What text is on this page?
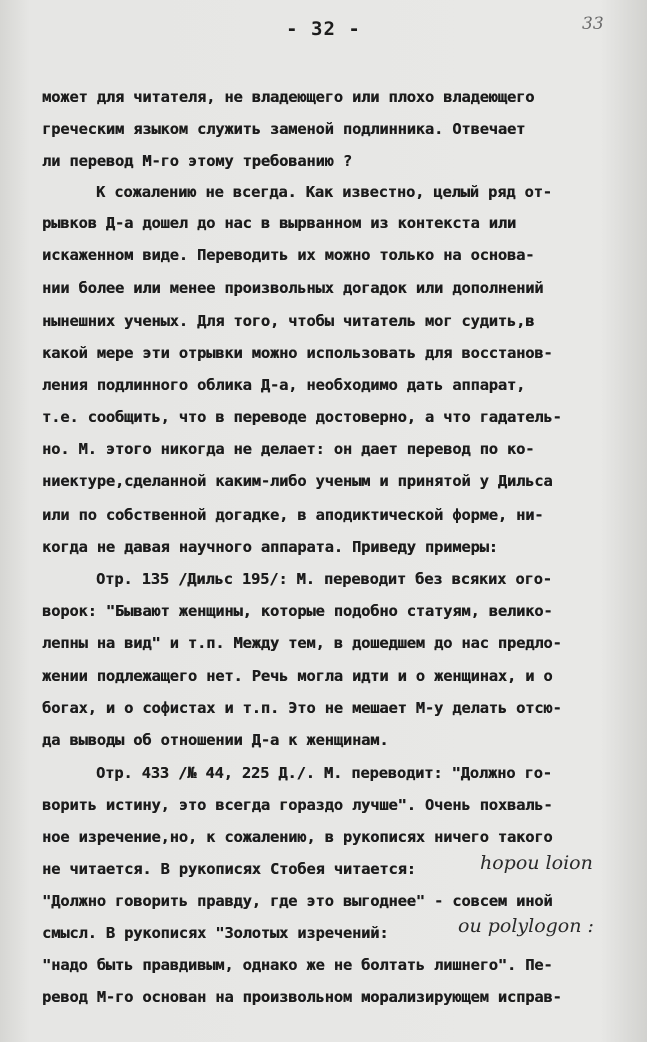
- 32 -	33
может для читателя, не владеющего или плохо владеющего
греческим языком служить заменой подлинника. Отвечает
ли перевод М-го этому требованию ?
К сожалению не всегда. Как известно, целый ряд от-
рывков Д-а дошел до нас в вырванном из контекста или
искаженном виде. Переводить их можно только на основа-
нии более или менее произвольных догадок или дополнений
нынешних ученых. Для того, чтобы читатель мог судить,в
какой мере эти отрывки можно использовать для восстанов-
ления подлинного облика Д-а, необходимо дать аппарат,
т.е. сообщить, что в переводе достоверно, а что гадатель-
но. М. этого никогда не делает: он дает перевод по ко-
ниектуре,сделанной каким-либо ученым и принятой у Дильса
или по собственной догадке, в аподиктической форме, ни-
когда не давая научного аппарата. Приведу примеры:
Отр. 135 /Дильс 195/: М. переводит без всяких ого-
ворок: "Бывают женщины, которые подобно статуям, велико-
лепны на вид" и т.п. Между тем, в дошедшем до нас предло-
жении подлежащего нет. Речь могла идти и о женщинах, и о
богах, и о софистах и т.п. Это не мешает М-у делать отсю-
да выводы об отношении Д-а к женщинам.
Отр. 433 /№ 44, 225 Д./. М. переводит: "Должно го-
ворить истину, это всегда гораздо лучше". Очень похваль-
ное изречение,но, к сожалению, в рукописях ничего такого
не читается. В рукописях Стобея читается:
"Должно говорить правду, где это выгоднее" - совсем иной
смысл. В рукописях "Золотых изречений:
"надо быть правдивым, однако же не болтать лишнего". Пе-
ревод М-го основан на произвольном морализирующем исправ-
hopou loion
ou polylogon :
